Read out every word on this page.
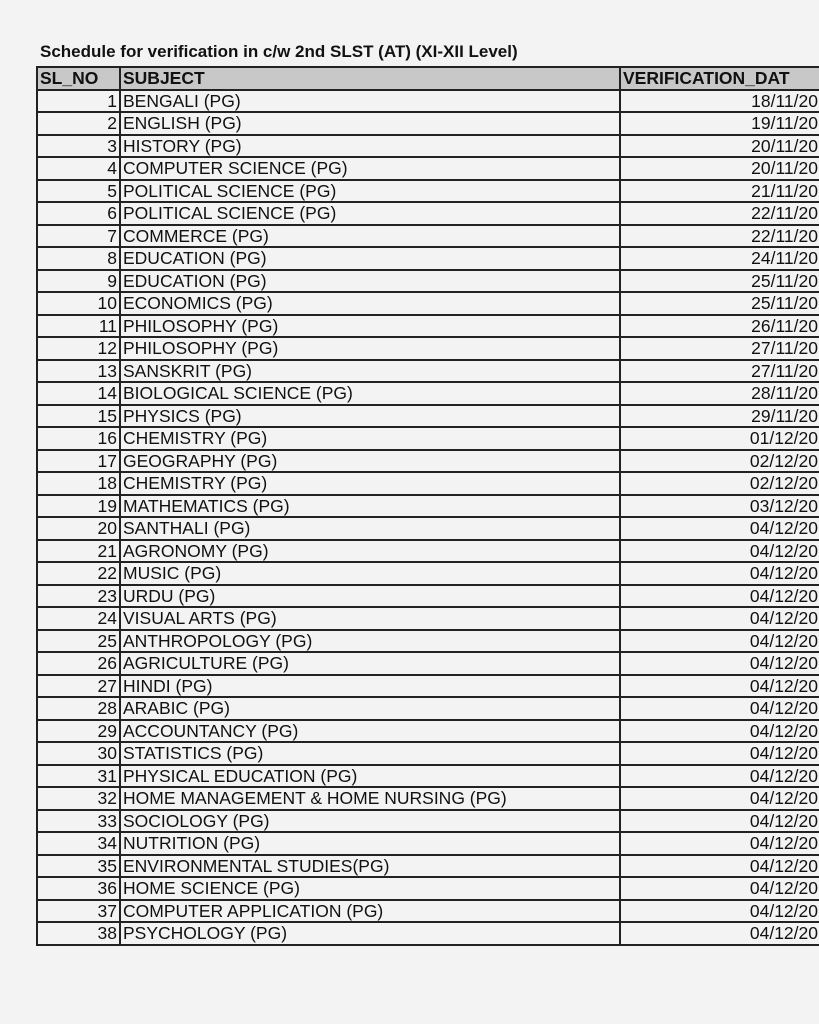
Schedule for verification in c/w 2nd SLST (AT) (XI-XII Level)
SL_NO	SUBJECT	VERIFICATION_DAT
1	BENGALI (PG)	18/11/20
2	ENGLISH (PG)	19/11/20
3	HISTORY (PG)	20/11/20
4	COMPUTER SCIENCE (PG)	20/11/20
5	POLITICAL SCIENCE (PG)	21/11/20
6	POLITICAL SCIENCE (PG)	22/11/20
7	COMMERCE (PG)	22/11/20
8	EDUCATION (PG)	24/11/20
9	EDUCATION (PG)	25/11/20
10	ECONOMICS (PG)	25/11/20
11	PHILOSOPHY (PG)	26/11/20
12	PHILOSOPHY (PG)	27/11/20
13	SANSKRIT (PG)	27/11/20
14	BIOLOGICAL SCIENCE (PG)	28/11/20
15	PHYSICS (PG)	29/11/20
16	CHEMISTRY (PG)	01/12/20
17	GEOGRAPHY (PG)	02/12/20
18	CHEMISTRY (PG)	02/12/20
19	MATHEMATICS (PG)	03/12/20
20	SANTHALI (PG)	04/12/20
21	AGRONOMY (PG)	04/12/20
22	MUSIC (PG)	04/12/20
23	URDU (PG)	04/12/20
24	VISUAL ARTS (PG)	04/12/20
25	ANTHROPOLOGY (PG)	04/12/20
26	AGRICULTURE (PG)	04/12/20
27	HINDI (PG)	04/12/20
28	ARABIC (PG)	04/12/20
29	ACCOUNTANCY (PG)	04/12/20
30	STATISTICS (PG)	04/12/20
31	PHYSICAL EDUCATION (PG)	04/12/20
32	HOME MANAGEMENT & HOME NURSING (PG)	04/12/20
33	SOCIOLOGY (PG)	04/12/20
34	NUTRITION (PG)	04/12/20
35	ENVIRONMENTAL STUDIES(PG)	04/12/20
36	HOME SCIENCE (PG)	04/12/20
37	COMPUTER APPLICATION (PG)	04/12/20
38	PSYCHOLOGY (PG)	04/12/20
